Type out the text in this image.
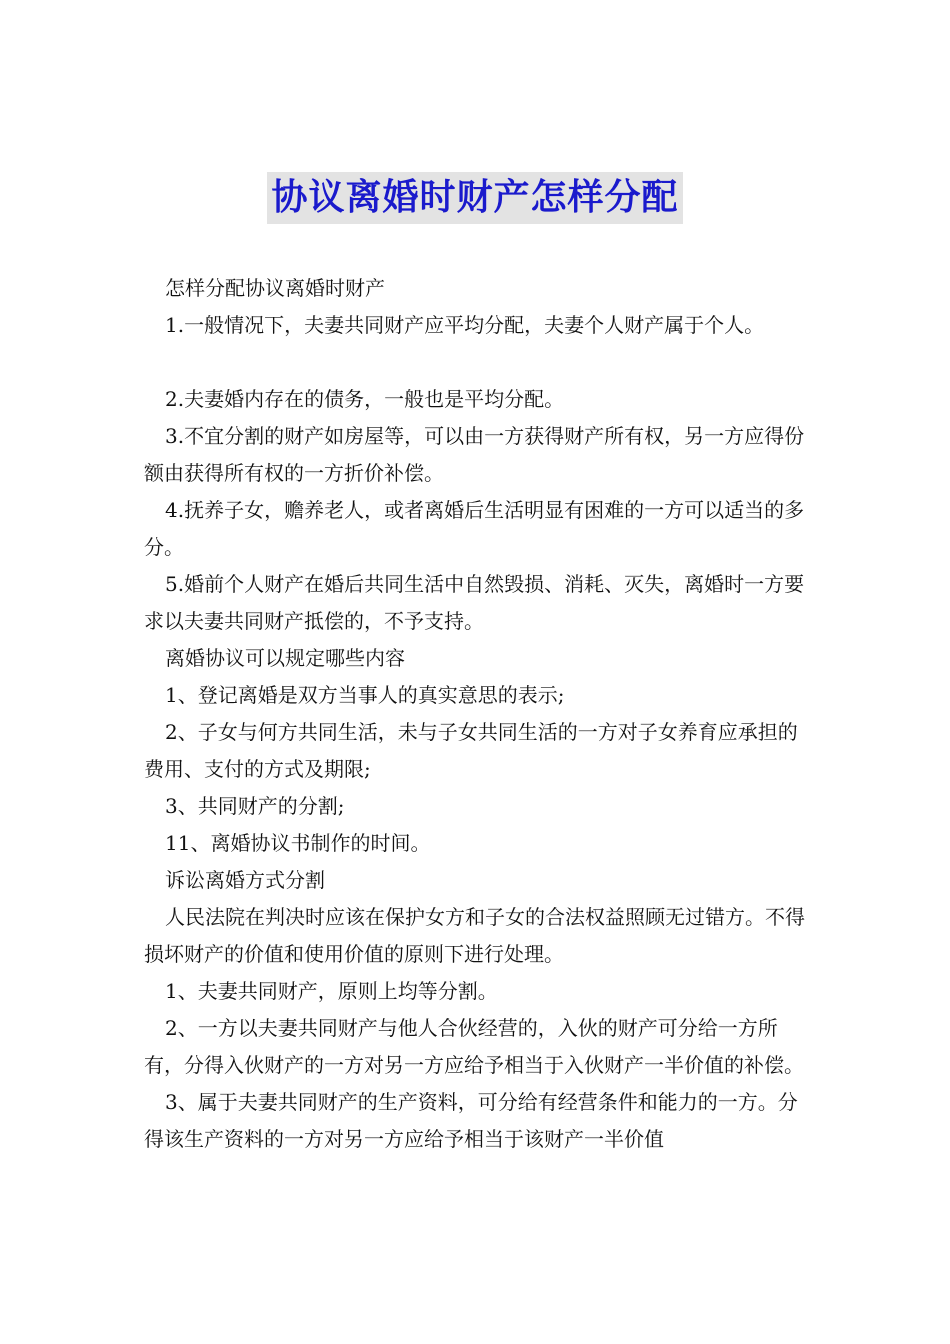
协议离婚时财产怎样分配

怎样分配协议离婚时财产

1.一般情况下，夫妻共同财产应平均分配，夫妻个人财产属于个人。

2.夫妻婚内存在的债务，一般也是平均分配。

3.不宜分割的财产如房屋等，可以由一方获得财产所有权，另一方应得份额由获得所有权的一方折价补偿。

4.抚养子女，赡养老人，或者离婚后生活明显有困难的一方可以适当的多分。

5.婚前个人财产在婚后共同生活中自然毁损、消耗、灭失，离婚时一方要求以夫妻共同财产抵偿的，不予支持。

离婚协议可以规定哪些内容

1、登记离婚是双方当事人的真实意思的表示;

2、子女与何方共同生活，未与子女共同生活的一方对子女养育应承担的费用、支付的方式及期限;

3、共同财产的分割;

11、离婚协议书制作的时间。

诉讼离婚方式分割

人民法院在判决时应该在保护女方和子女的合法权益照顾无过错方。不得损坏财产的价值和使用价值的原则下进行处理。

1、夫妻共同财产，原则上均等分割。

2、一方以夫妻共同财产与他人合伙经营的，入伙的财产可分给一方所有，分得入伙财产的一方对另一方应给予相当于入伙财产一半价值的补偿。

3、属于夫妻共同财产的生产资料，可分给有经营条件和能力的一方。分得该生产资料的一方对另一方应给予相当于该财产一半价值
